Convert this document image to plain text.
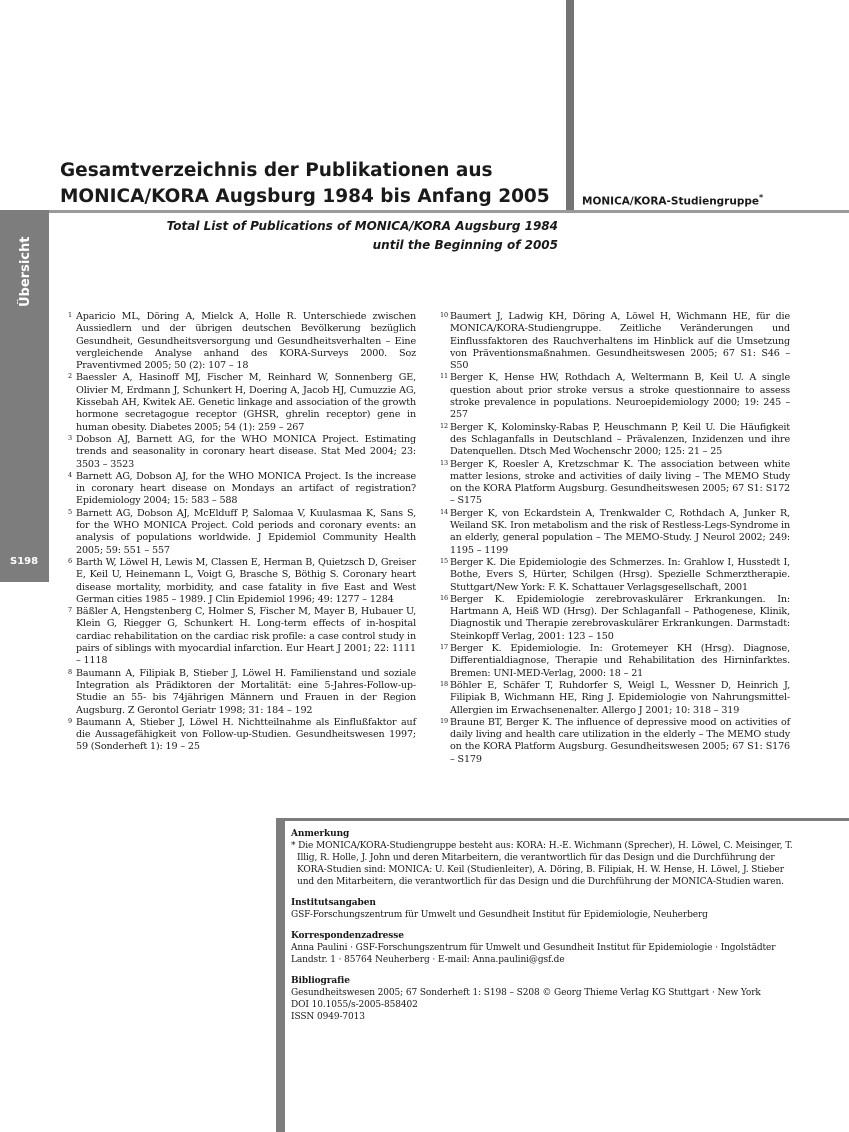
Übersicht
S198
Gesamtverzeichnis der Publikationen aus
MONICA/KORA Augsburg 1984 bis Anfang 2005	MONICA/KORA-Studiengruppe*
Total List of Publications of MONICA/KORA Augsburg 1984
until the Beginning of 2005

1 Aparicio ML, Döring A, Mielck A, Holle R. Unterschiede zwischen Aussiedlern und der übrigen deutschen Bevölkerung bezüglich Gesundheit, Gesundheitsversorgung und Gesundheitsverhalten – Eine vergleichende Analyse anhand des KORA-Surveys 2000. Soz Praventivmed 2005; 50 (2): 107 – 18

2 Baessler A, Hasinoff MJ, Fischer M, Reinhard W, Sonnenberg GE, Olivier M, Erdmann J, Schunkert H, Doering A, Jacob HJ, Cumuzzie AG, Kissebah AH, Kwitek AE. Genetic linkage and association of the growth hormone secretagogue receptor (GHSR, ghrelin receptor) gene in human obesity. Diabetes 2005; 54 (1): 259 – 267

3 Dobson AJ, Barnett AG, for the WHO MONICA Project. Estimating trends and seasonality in coronary heart disease. Stat Med 2004; 23: 3503 – 3523

4 Barnett AG, Dobson AJ, for the WHO MONICA Project. Is the increase in coronary heart disease on Mondays an artifact of registration? Epidemiology 2004; 15: 583 – 588

5 Barnett AG, Dobson AJ, McElduff P, Salomaa V, Kuulasmaa K, Sans S, for the WHO MONICA Project. Cold periods and coronary events: an analysis of populations worldwide. J Epidemiol Community Health 2005; 59: 551 – 557

6 Barth W, Löwel H, Lewis M, Classen E, Herman B, Quietzsch D, Greiser E, Keil U, Heinemann L, Voigt G, Brasche S, Böthig S. Coronary heart disease mortality, morbidity, and case fatality in five East and West German cities 1985 – 1989. J Clin Epidemiol 1996; 49: 1277 – 1284

7 Bäßler A, Hengstenberg C, Holmer S, Fischer M, Mayer B, Hubauer U, Klein G, Riegger G, Schunkert H. Long-term effects of in-hospital cardiac rehabilitation on the cardiac risk profile: a case control study in pairs of siblings with myocardial infarction. Eur Heart J 2001; 22: 1111 – 1118

8 Baumann A, Filipiak B, Stieber J, Löwel H. Familienstand und soziale Integration als Prädiktoren der Mortalität: eine 5-Jahres-Follow-up-Studie an 55- bis 74jährigen Männern und Frauen in der Region Augsburg. Z Gerontol Geriatr 1998; 31: 184 – 192

9 Baumann A, Stieber J, Löwel H. Nichtteilnahme als Einflußfaktor auf die Aussagefähigkeit von Follow-up-Studien. Gesundheitswesen 1997; 59 (Sonderheft 1): 19 – 25

10 Baumert J, Ladwig KH, Döring A, Löwel H, Wichmann HE, für die MONICA/KORA-Studiengruppe. Zeitliche Veränderungen und Einflussfaktoren des Rauchverhaltens im Hinblick auf die Umsetzung von Präventionsmaßnahmen. Gesundheitswesen 2005; 67 S1: S46 – S50

11 Berger K, Hense HW, Rothdach A, Weltermann B, Keil U. A single question about prior stroke versus a stroke questionnaire to assess stroke prevalence in populations. Neuroepidemiology 2000; 19: 245 – 257

12 Berger K, Kolominsky-Rabas P, Heuschmann P, Keil U. Die Häufigkeit des Schlaganfalls in Deutschland – Prävalenzen, Inzidenzen und ihre Datenquellen. Dtsch Med Wochenschr 2000; 125: 21 – 25

13 Berger K, Roesler A, Kretzschmar K. The association between white matter lesions, stroke and activities of daily living – The MEMO Study on the KORA Platform Augsburg. Gesundheitswesen 2005; 67 S1: S172 – S175

14 Berger K, von Eckardstein A, Trenkwalder C, Rothdach A, Junker R, Weiland SK. Iron metabolism and the risk of Restless-Legs-Syndrome in an elderly, general population – The MEMO-Study. J Neurol 2002; 249: 1195 – 1199

15 Berger K. Die Epidemiologie des Schmerzes. In: Grahlow I, Husstedt I, Bothe, Evers S, Hürter, Schilgen (Hrsg). Spezielle Schmerztherapie. Stuttgart/New York: F. K. Schattauer Verlagsgesellschaft, 2001

16 Berger K. Epidemiologie zerebrovaskulärer Erkrankungen. In: Hartmann A, Heiß WD (Hrsg). Der Schlaganfall – Pathogenese, Klinik, Diagnostik und Therapie zerebrovaskulärer Erkrankungen. Darmstadt: Steinkopff Verlag, 2001: 123 – 150

17 Berger K. Epidemiologie. In: Grotemeyer KH (Hrsg). Diagnose, Differentialdiagnose, Therapie und Rehabilitation des Hirninfarktes. Bremen: UNI-MED-Verlag, 2000: 18 – 21

18 Böhler E, Schäfer T, Ruhdorfer S, Weigl L, Wessner D, Heinrich J, Filipiak B, Wichmann HE, Ring J. Epidemiologie von Nahrungsmittel-Allergien im Erwachsenenalter. Allergo J 2001; 10: 318 – 319

19 Braune BT, Berger K. The influence of depressive mood on activities of daily living and health care utilization in the elderly – The MEMO study on the KORA Platform Augsburg. Gesundheitswesen 2005; 67 S1: S176 – S179

Anmerkung

* Die MONICA/KORA-Studiengruppe besteht aus: KORA: H.-E. Wichmann (Sprecher), H. Löwel, C. Meisinger, T. Illig, R. Holle, J. John und deren Mitarbeitern, die verantwortlich für das Design und die Durchführung der KORA-Studien sind: MONICA: U. Keil (Studienleiter), A. Döring, B. Filipiak, H. W. Hense, H. Löwel, J. Stieber und den Mitarbeitern, die verantwortlich für das Design und die Durchführung der MONICA-Studien waren.

Institutsangaben

GSF-Forschungszentrum für Umwelt und Gesundheit Institut für Epidemiologie, Neuherberg

Korrespondenzadresse

Anna Paulini · GSF-Forschungszentrum für Umwelt und Gesundheit Institut für Epidemiologie · Ingolstädter

Landstr. 1 · 85764 Neuherberg · E-mail: Anna.paulini@gsf.de

Bibliografie

Gesundheitswesen 2005; 67 Sonderheft 1: S198 – S208 © Georg Thieme Verlag KG Stuttgart · New York

DOI 10.1055/s-2005-858402

ISSN 0949-7013
